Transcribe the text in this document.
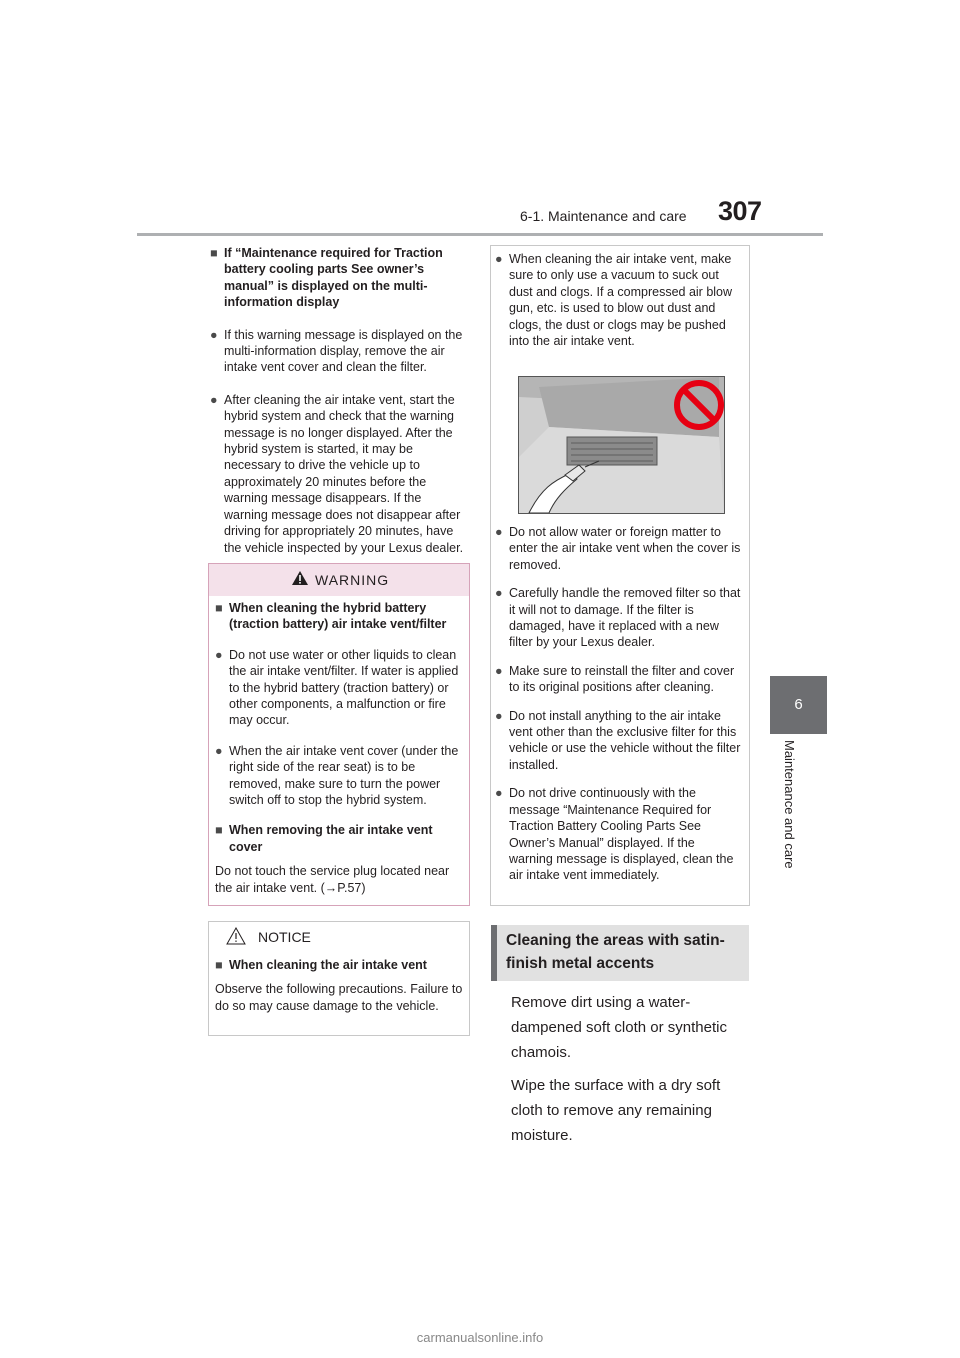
6-1. Maintenance and care 307
6
Maintenance and care

■ If “Maintenance required for Traction battery cooling parts See owner’s manual” is displayed on the multi-information display

● If this warning message is displayed on the multi-information display, remove the air intake vent cover and clean the filter.

● After cleaning the air intake vent, start the hybrid system and check that the warning message is no longer displayed. After the hybrid system is started, it may be necessary to drive the vehicle up to approximately 20 minutes before the warning message disappears. If the warning message does not disappear after driving for appropriately 20 minutes, have the vehicle inspected by your Lexus dealer.

WARNING

■ When cleaning the hybrid battery (traction battery) air intake vent/filter

● Do not use water or other liquids to clean the air intake vent/filter. If water is applied to the hybrid battery (traction battery) or other components, a malfunction or fire may occur.

● When the air intake vent cover (under the right side of the rear seat) is to be removed, make sure to turn the power switch off to stop the hybrid system.

■ When removing the air intake vent cover

Do not touch the service plug located near the air intake vent. (→P.57)

NOTICE

■ When cleaning the air intake vent

Observe the following precautions. Failure to do so may cause damage to the vehicle.

● When cleaning the air intake vent, make sure to only use a vacuum to suck out dust and clogs. If a compressed air blow gun, etc. is used to blow out dust and clogs, the dust or clogs may be pushed into the air intake vent.

● Do not allow water or foreign matter to enter the air intake vent when the cover is removed.

● Carefully handle the removed filter so that it will not to damage. If the filter is damaged, have it replaced with a new filter by your Lexus dealer.

● Make sure to reinstall the filter and cover to its original positions after cleaning.

● Do not install anything to the air intake vent other than the exclusive filter for this vehicle or use the vehicle without the filter installed.

● Do not drive continuously with the message “Maintenance Required for Traction Battery Cooling Parts See Owner’s Manual” displayed. If the warning message is displayed, clean the air intake vent immediately.

Cleaning the areas with satin-finish metal accents

Remove dirt using a water-dampened soft cloth or synthetic chamois.

Wipe the surface with a dry soft cloth to remove any remaining moisture.

carmanualsonline.info
